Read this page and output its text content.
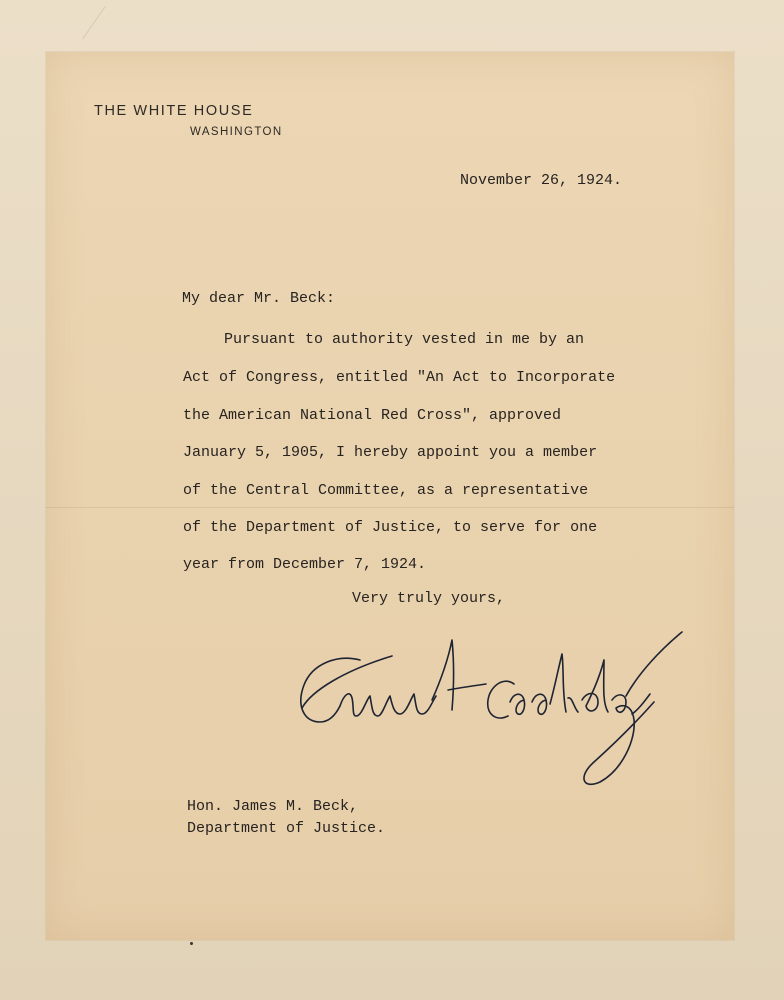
THE WHITE HOUSE
WASHINGTON
November 26, 1924.
My dear Mr. Beck:
Pursuant to authority vested in me by an
Act of Congress, entitled "An Act to Incorporate
the American National Red Cross", approved
January 5, 1905, I hereby appoint you a member
of the Central Committee, as a representative
of the Department of Justice, to serve for one
year from December 7, 1924.
Very truly yours,
Hon. James M. Beck,
Department of Justice.
